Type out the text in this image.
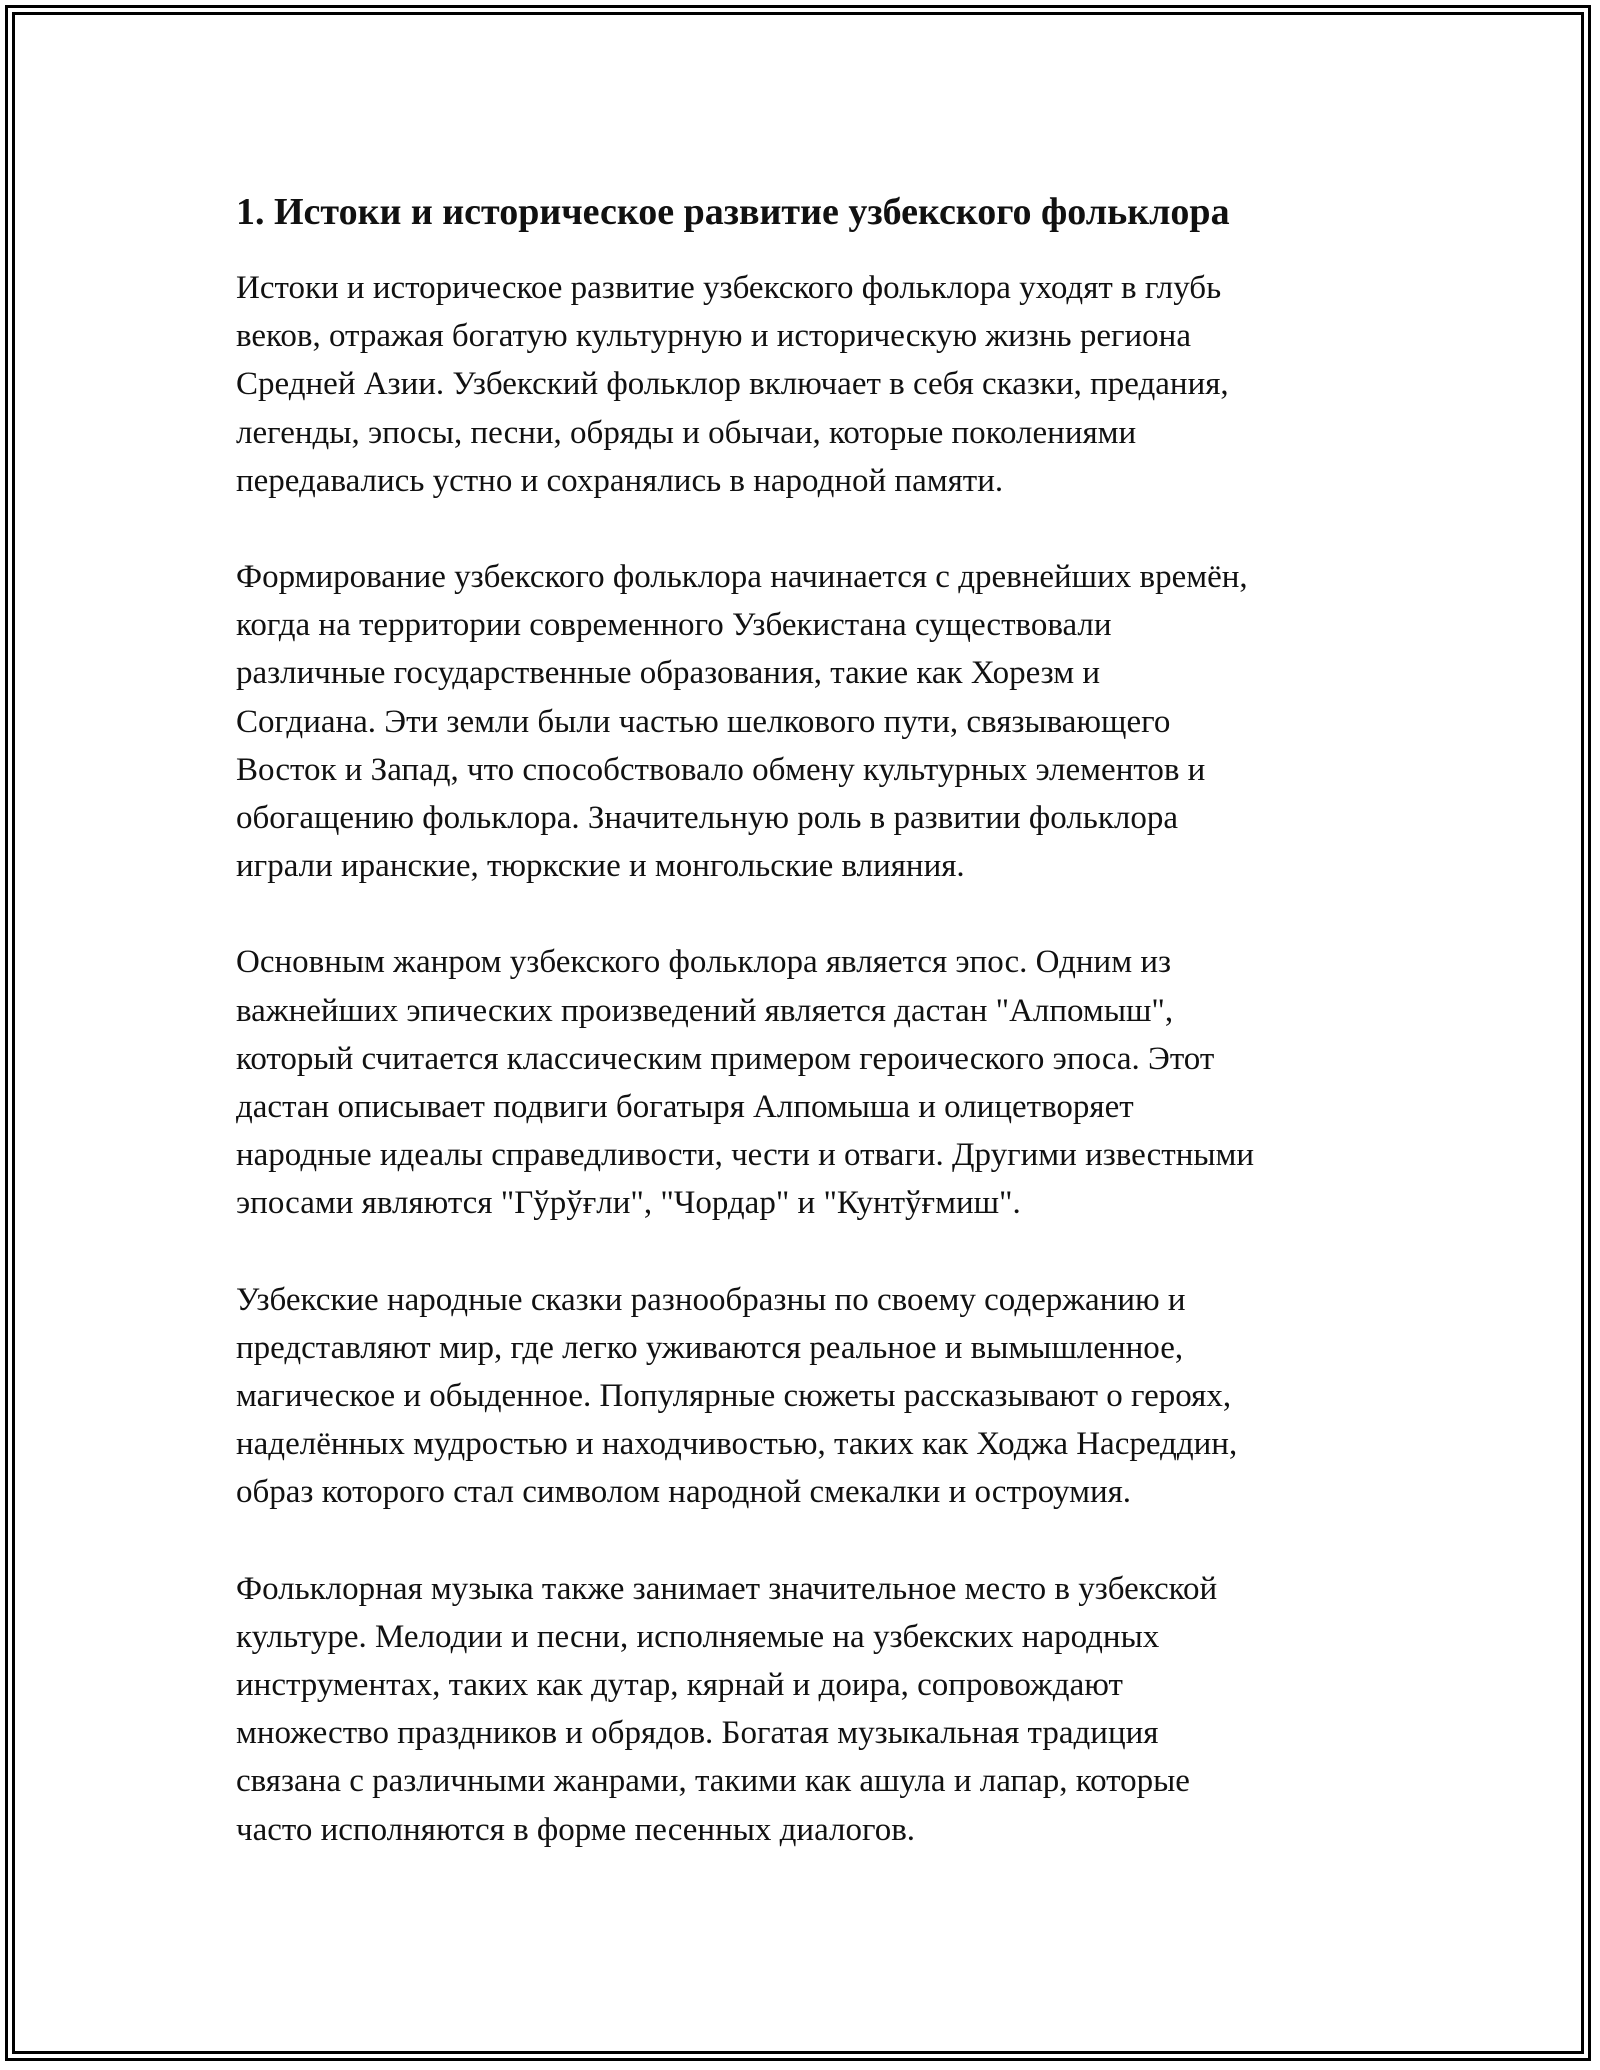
1. Истоки и историческое развитие узбекского фольклора
Истоки и историческое развитие узбекского фольклора уходят в глубь
веков, отражая богатую культурную и историческую жизнь региона
Средней Азии. Узбекский фольклор включает в себя сказки, предания,
легенды, эпосы, песни, обряды и обычаи, которые поколениями
передавались устно и сохранялись в народной памяти.
Формирование узбекского фольклора начинается с древнейших времён,
когда на территории современного Узбекистана существовали
различные государственные образования, такие как Хорезм и
Согдиана. Эти земли были частью шелкового пути, связывающего
Восток и Запад, что способствовало обмену культурных элементов и
обогащению фольклора. Значительную роль в развитии фольклора
играли иранские, тюркские и монгольские влияния.
Основным жанром узбекского фольклора является эпос. Одним из
важнейших эпических произведений является дастан "Алпомыш",
который считается классическим примером героического эпоса. Этот
дастан описывает подвиги богатыря Алпомыша и олицетворяет
народные идеалы справедливости, чести и отваги. Другими известными
эпосами являются "Гўрўғли", "Чордар" и "Кунтўғмиш".
Узбекские народные сказки разнообразны по своему содержанию и
представляют мир, где легко уживаются реальное и вымышленное,
магическое и обыденное. Популярные сюжеты рассказывают о героях,
наделённых мудростью и находчивостью, таких как Ходжа Насреддин,
образ которого стал символом народной смекалки и остроумия.
Фольклорная музыка также занимает значительное место в узбекской
культуре. Мелодии и песни, исполняемые на узбекских народных
инструментах, таких как дутар, кярнай и доира, сопровождают
множество праздников и обрядов. Богатая музыкальная традиция
связана с различными жанрами, такими как ашула и лапар, которые
часто исполняются в форме песенных диалогов.
